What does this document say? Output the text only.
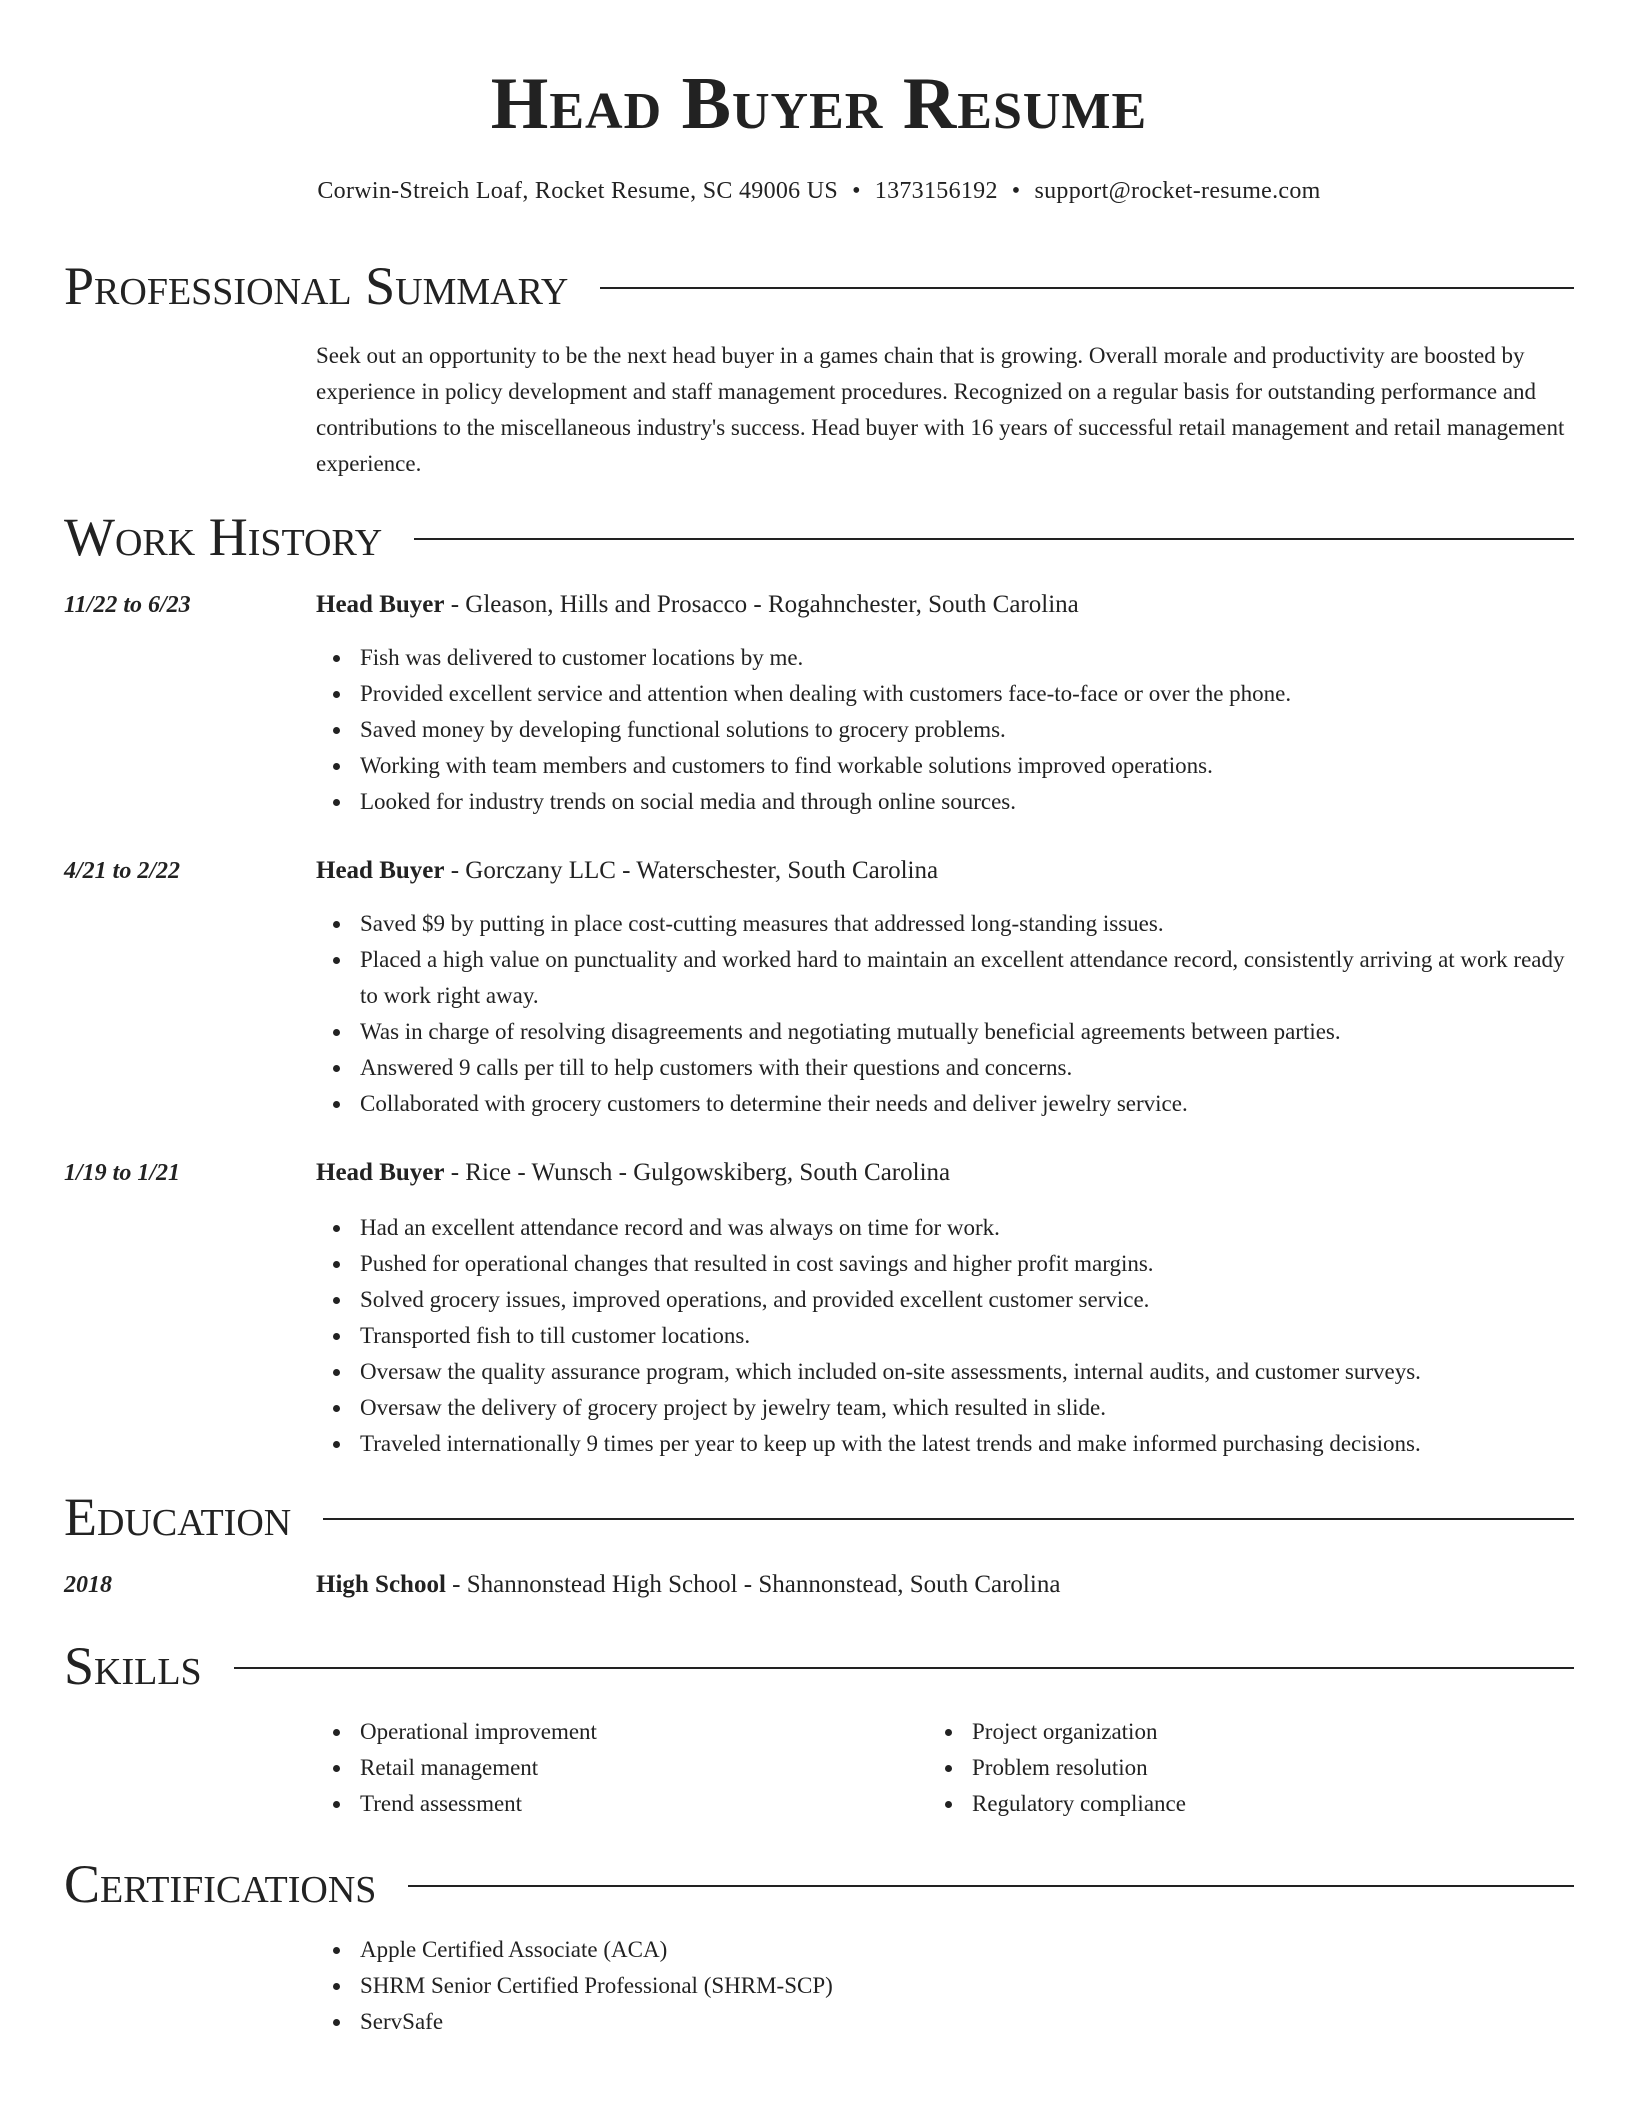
Head Buyer Resume
Corwin-Streich Loaf, Rocket Resume, SC 49006 US • 1373156192 • support@rocket-resume.com
Professional Summary

Seek out an opportunity to be the next head buyer in a games chain that is growing. Overall morale and productivity are boosted by experience in policy development and staff management procedures. Recognized on a regular basis for outstanding performance and contributions to the miscellaneous industry's success. Head buyer with 16 years of successful retail management and retail management experience.

Work History
11/22 to 6/23	Head Buyer - Gleason, Hills and Prosacco - Rogahnchester, South Carolina
Fish was delivered to customer locations by me.
Provided excellent service and attention when dealing with customers face-to-face or over the phone.
Saved money by developing functional solutions to grocery problems.
Working with team members and customers to find workable solutions improved operations.
Looked for industry trends on social media and through online sources.
4/21 to 2/22	Head Buyer - Gorczany LLC - Waterschester, South Carolina
Saved $9 by putting in place cost-cutting measures that addressed long-standing issues.
Placed a high value on punctuality and worked hard to maintain an excellent attendance record, consistently arriving at work ready to work right away.
Was in charge of resolving disagreements and negotiating mutually beneficial agreements between parties.
Answered 9 calls per till to help customers with their questions and concerns.
Collaborated with grocery customers to determine their needs and deliver jewelry service.
1/19 to 1/21	Head Buyer - Rice - Wunsch - Gulgowskiberg, South Carolina
Had an excellent attendance record and was always on time for work.
Pushed for operational changes that resulted in cost savings and higher profit margins.
Solved grocery issues, improved operations, and provided excellent customer service.
Transported fish to till customer locations.
Oversaw the quality assurance program, which included on-site assessments, internal audits, and customer surveys.
Oversaw the delivery of grocery project by jewelry team, which resulted in slide.
Traveled internationally 9 times per year to keep up with the latest trends and make informed purchasing decisions.
Education
2018	High School - Shannonstead High School - Shannonstead, South Carolina
Skills
Operational improvement
Retail management
Trend assessment
Project organization
Problem resolution
Regulatory compliance
Certifications
Apple Certified Associate (ACA)
SHRM Senior Certified Professional (SHRM-SCP)
ServSafe
